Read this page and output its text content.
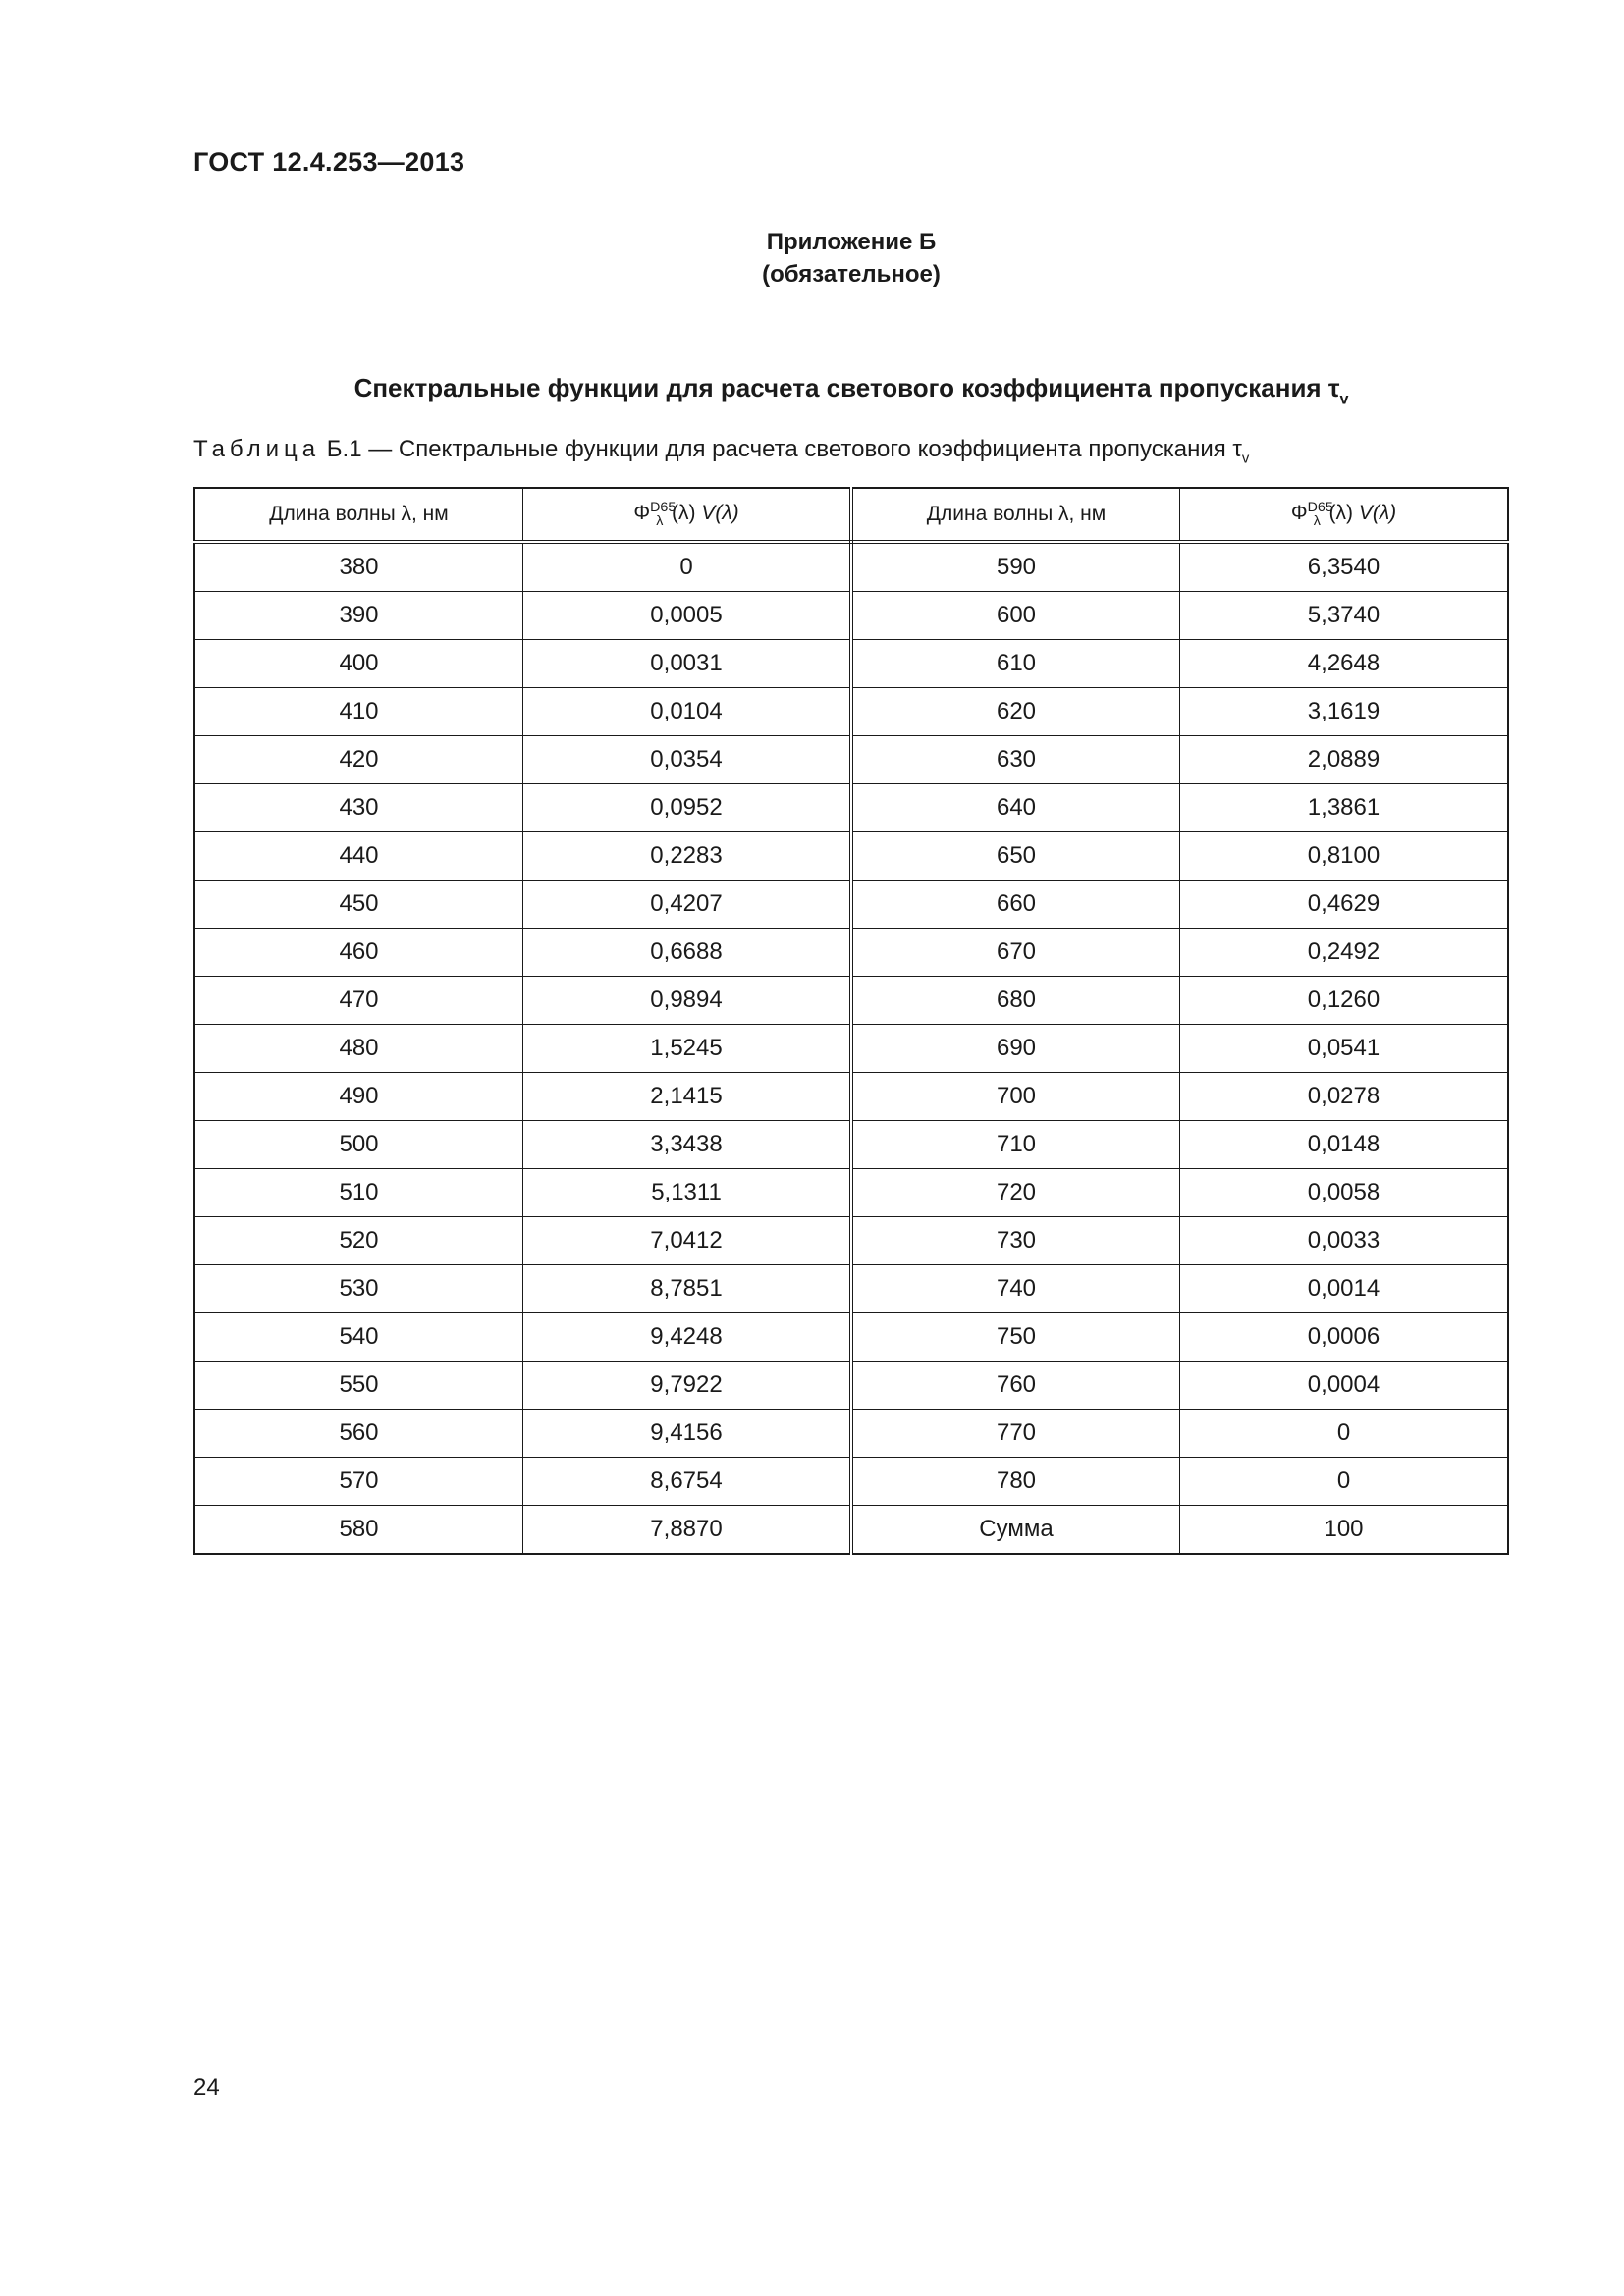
ГОСТ 12.4.253—2013
Приложение Б
(обязательное)
Спектральные функции для расчета светового коэффициента пропускания $\tau_v$
Таблица Б.1 — Спектральные функции для расчета светового коэффициента пропускания $\tau_v$
Длина волны λ, нм	$\Phi^{D65}_\lambda$ (λ) V(λ)	Длина волны λ, нм	$\Phi^{D65}_\lambda$ (λ) V(λ)
380	0	590	6,3540
390	0,0005	600	5,3740
400	0,0031	610	4,2648
410	0,0104	620	3,1619
420	0,0354	630	2,0889
430	0,0952	640	1,3861
440	0,2283	650	0,8100
450	0,4207	660	0,4629
460	0,6688	670	0,2492
470	0,9894	680	0,1260
480	1,5245	690	0,0541
490	2,1415	700	0,0278
500	3,3438	710	0,0148
510	5,1311	720	0,0058
520	7,0412	730	0,0033
530	8,7851	740	0,0014
540	9,4248	750	0,0006
550	9,7922	760	0,0004
560	9,4156	770	0
570	8,6754	780	0
580	7,8870	Сумма	100
24
